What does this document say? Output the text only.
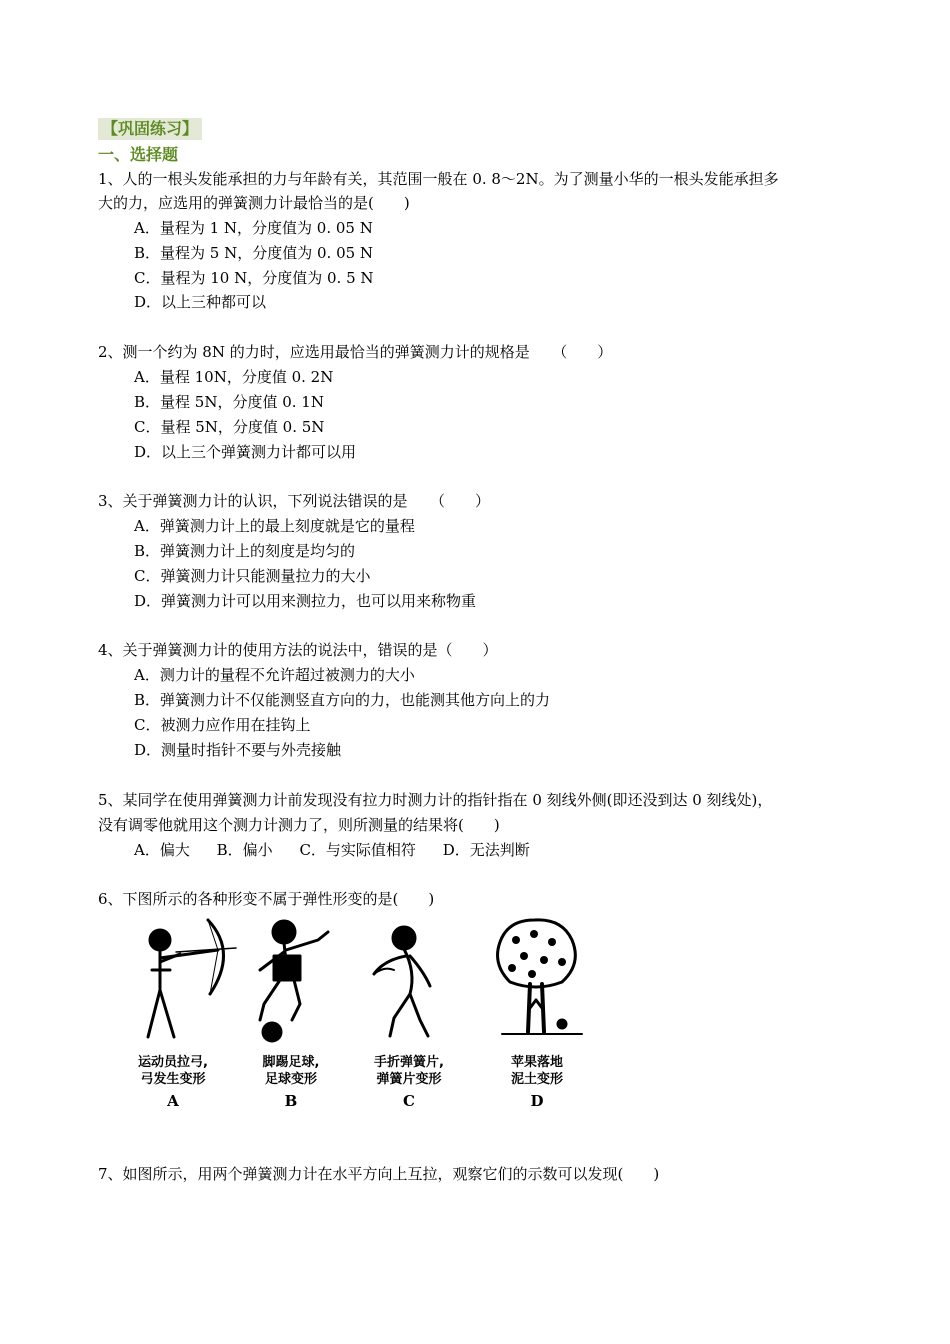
【巩固练习】
一、选择题
1、人的一根头发能承担的力与年龄有关，其范围一般在 0. 8～2N。为了测量小华的一根头发能承担多
大的力，应选用的弹簧测力计最恰当的是(　　)
A．量程为 1 N，分度值为 0. 05 N
B．量程为 5 N，分度值为 0. 05 N
C．量程为 10 N，分度值为 0. 5 N
D．以上三种都可以
2、测一个约为 8N 的力时，应选用最恰当的弹簧测力计的规格是　　（　　）
A．量程 10N，分度值 0. 2N
B．量程 5N，分度值 0. 1N
C．量程 5N，分度值 0. 5N
D．以上三个弹簧测力计都可以用
3、关于弹簧测力计的认识，下列说法错误的是　　（　　）
A．弹簧测力计上的最上刻度就是它的量程
B．弹簧测力计上的刻度是均匀的
C．弹簧测力计只能测量拉力的大小
D．弹簧测力计可以用来测拉力，也可以用来称物重
4、关于弹簧测力计的使用方法的说法中，错误的是（　　）
A．测力计的量程不允许超过被测力的大小
B．弹簧测力计不仅能测竖直方向的力，也能测其他方向上的力
C．被测力应作用在挂钩上
D．测量时指针不要与外壳接触
5、某同学在使用弹簧测力计前发现没有拉力时测力计的指针指在 0 刻线外侧(即还没到达 0 刻线处)，
没有调零他就用这个测力计测力了，则所测量的结果将(　　)
A．偏大 B．偏小 C．与实际值相符 D．无法判断
6、下图所示的各种形变不属于弹性形变的是(　　)
运动员拉弓,
弓发生变形
A
脚踢足球,
足球变形
B
手折弹簧片,
弹簧片变形
C
苹果落地
泥土变形
D
7、如图所示，用两个弹簧测力计在水平方向上互拉，观察它们的示数可以发现(　　)
